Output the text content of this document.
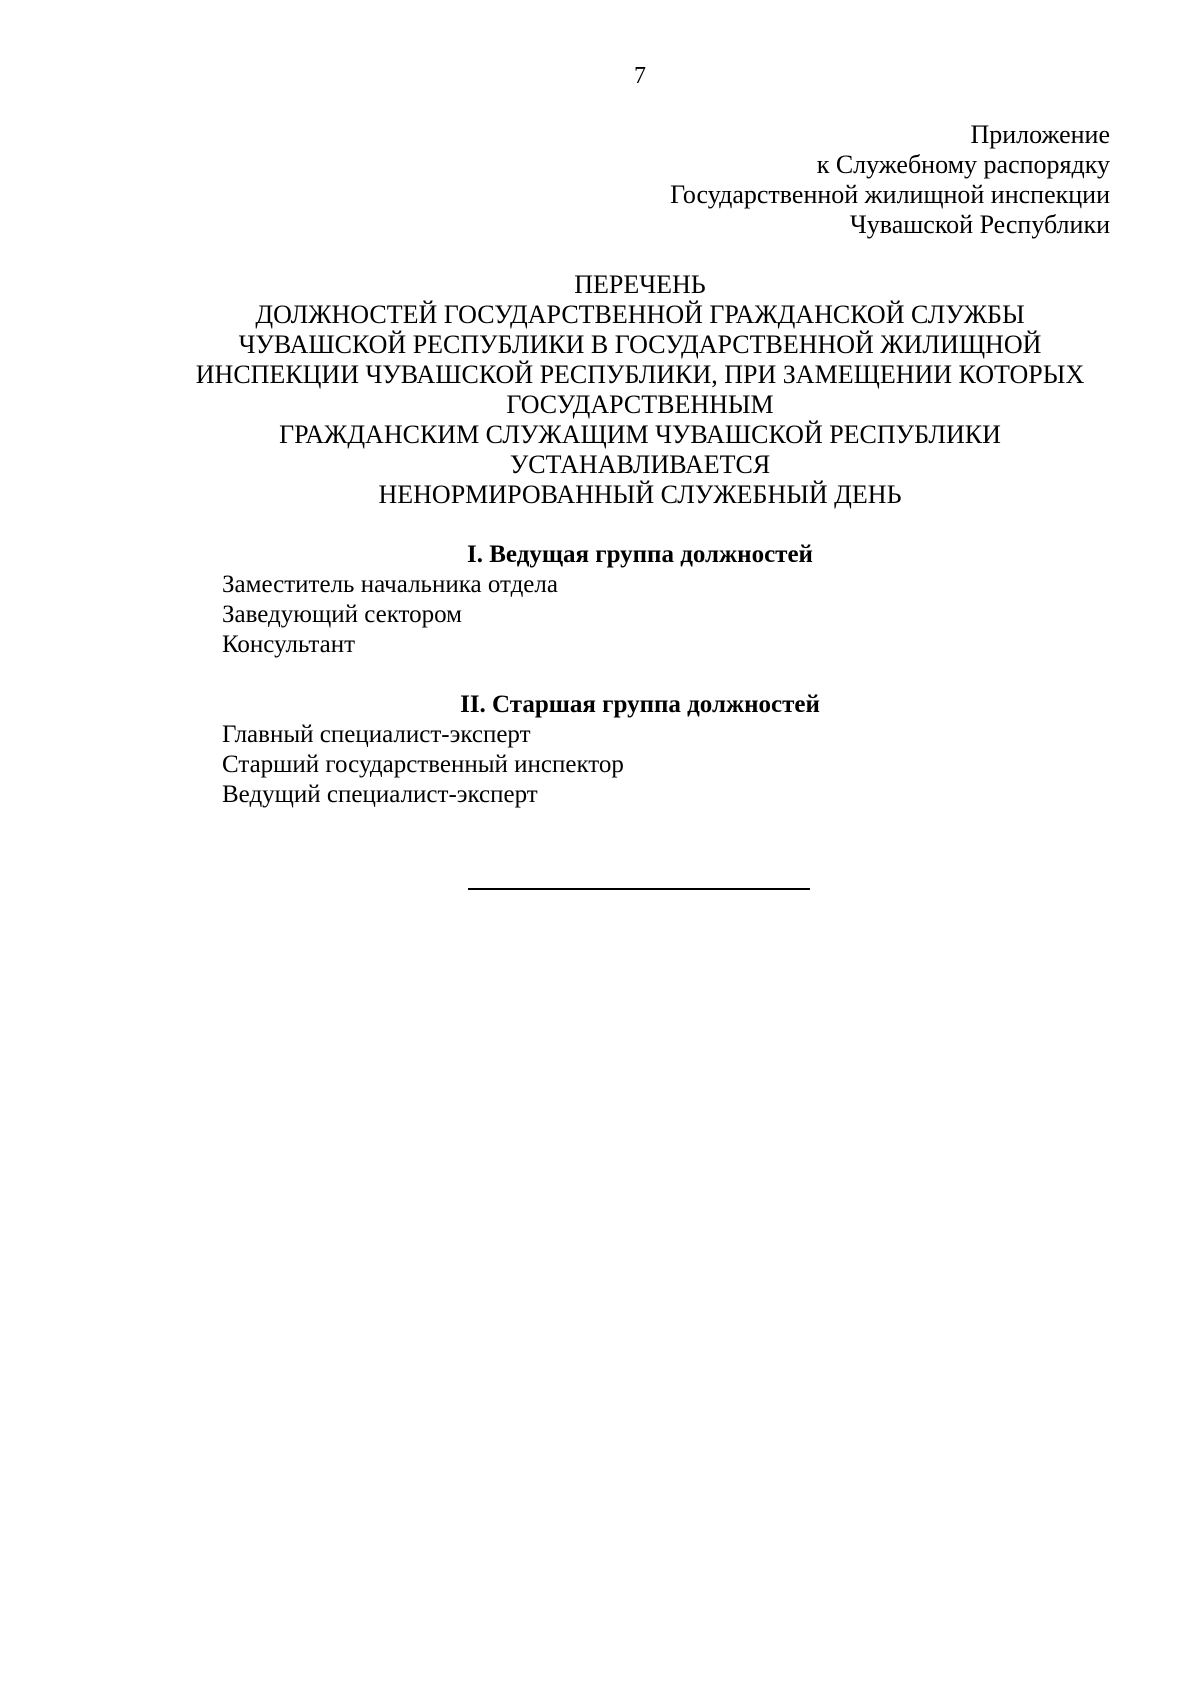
7
Приложение
к Служебному распорядку
Государственной жилищной инспекции
Чувашской Республики
ПЕРЕЧЕНЬ
ДОЛЖНОСТЕЙ ГОСУДАРСТВЕННОЙ ГРАЖДАНСКОЙ СЛУЖБЫ
ЧУВАШСКОЙ РЕСПУБЛИКИ В ГОСУДАРСТВЕННОЙ ЖИЛИЩНОЙ
ИНСПЕКЦИИ ЧУВАШСКОЙ РЕСПУБЛИКИ, ПРИ ЗАМЕЩЕНИИ КОТОРЫХ
ГОСУДАРСТВЕННЫМ
ГРАЖДАНСКИМ СЛУЖАЩИМ ЧУВАШСКОЙ РЕСПУБЛИКИ
УСТАНАВЛИВАЕТСЯ
НЕНОРМИРОВАННЫЙ СЛУЖЕБНЫЙ ДЕНЬ
I. Ведущая группа должностей
Заместитель начальника отдела
Заведующий сектором
Консультант
II. Старшая группа должностей
Главный специалист-эксперт
Старший государственный инспектор
Ведущий специалист-эксперт
